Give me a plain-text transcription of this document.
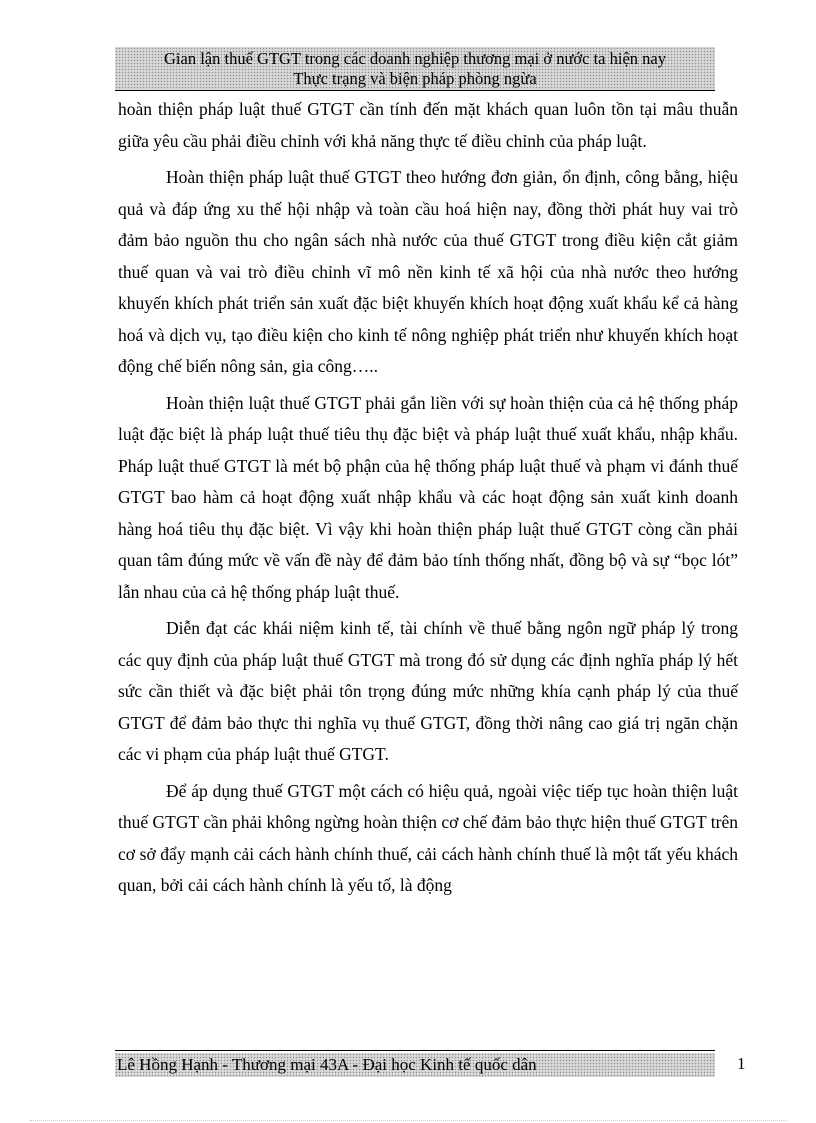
Gian lận thuế GTGT trong các doanh nghiệp thương mại ở nước ta hiện nay
Thực trạng và biện pháp phòng ngừa

hoàn thiện pháp luật thuế GTGT cần tính đến mặt khách quan luôn tồn tại mâu thuẫn giữa yêu cầu phải điều chỉnh với khả năng thực tế điều chỉnh của pháp luật.

Hoàn thiện pháp luật thuế GTGT theo hướng đơn giản, ổn định, công bằng, hiệu quả và đáp ứng xu thế hội nhập và toàn cầu hoá hiện nay, đồng thời phát huy vai trò đảm bảo nguồn thu cho ngân sách nhà nước của thuế GTGT trong điều kiện cắt giảm thuế quan và vai trò điều chỉnh vĩ mô nền kinh tế xã hội của nhà nước theo hướng khuyến khích phát triển sản xuất đặc biệt khuyến khích hoạt động xuất khẩu kể cả hàng hoá và dịch vụ, tạo điều kiện cho kinh tế nông nghiệp phát triển như khuyến khích hoạt động chế biến nông sản, gia công…..

Hoàn thiện luật thuế GTGT phải gắn liền với sự hoàn thiện của cả hệ thống pháp luật đặc biệt là pháp luật thuế tiêu thụ đặc biệt và pháp luật thuế xuất khẩu, nhập khẩu. Pháp luật thuế GTGT là mét bộ phận của hệ thống pháp luật thuế và phạm vi đánh thuế GTGT bao hàm cả hoạt động xuất nhập khẩu và các hoạt động sản xuất kinh doanh hàng hoá tiêu thụ đặc biệt. Vì vậy khi hoàn thiện pháp luật thuế GTGT còng cần phải quan tâm đúng mức về vấn đề này để đảm bảo tính thống nhất, đồng bộ và sự “bọc lót” lẫn nhau của cả hệ thống pháp luật thuế.

Diễn đạt các khái niệm kinh tế, tài chính về thuế bằng ngôn ngữ pháp lý trong các quy định của pháp luật thuế GTGT mà trong đó sử dụng các định nghĩa pháp lý hết sức cần thiết và đặc biệt phải tôn trọng đúng mức những khía cạnh pháp lý của thuế GTGT để đảm bảo thực thi nghĩa vụ thuế GTGT, đồng thời nâng cao giá trị ngăn chặn các vi phạm của pháp luật thuế GTGT.

Để áp dụng thuế GTGT một cách có hiệu quả, ngoài việc tiếp tục hoàn thiện luật thuế GTGT cần phải không ngừng hoàn thiện cơ chế đảm bảo thực hiện thuế GTGT trên cơ sở đẩy mạnh cải cách hành chính thuế, cải cách hành chính thuế là một tất yếu khách quan, bởi cải cách hành chính là yếu tố, là động

Lê Hồng Hạnh - Thương mại 43A - Đại học Kinh tế quốc dân	1
